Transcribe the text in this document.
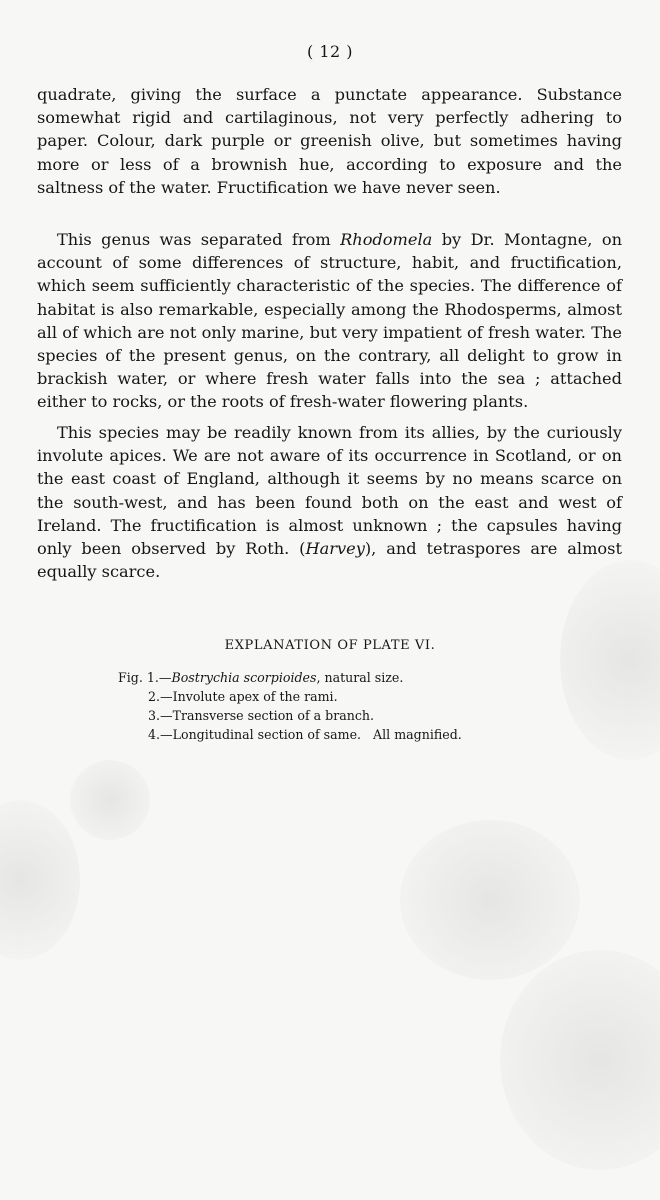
( 12 )

quadrate, giving the surface a punctate appearance. Substance somewhat rigid and cartilaginous, not very perfectly adhering to paper. Colour, dark purple or greenish olive, but sometimes having more or less of a brownish hue, according to exposure and the saltness of the water. Fructification we have never seen.

This genus was separated from Rhodomela by Dr. Montagne, on account of some differences of structure, habit, and fructification, which seem sufficiently characteristic of the species. The difference of habitat is also remarkable, especially among the Rhodosperms, almost all of which are not only marine, but very impatient of fresh water. The species of the present genus, on the contrary, all delight to grow in brackish water, or where fresh water falls into the sea ; attached either to rocks, or the roots of fresh-water flowering plants.

This species may be readily known from its allies, by the curiously involute apices. We are not aware of its occurrence in Scotland, or on the east coast of England, although it seems by no means scarce on the south-west, and has been found both on the east and west of Ireland. The fructification is almost unknown ; the capsules having only been observed by Roth. (Harvey), and tetraspores are almost equally scarce.

EXPLANATION OF PLATE VI.
Fig. 1.—Bostrychia scorpioides, natural size.
2.—Involute apex of the rami.
3.—Transverse section of a branch.
4.—Longitudinal section of same.   All magnified.
